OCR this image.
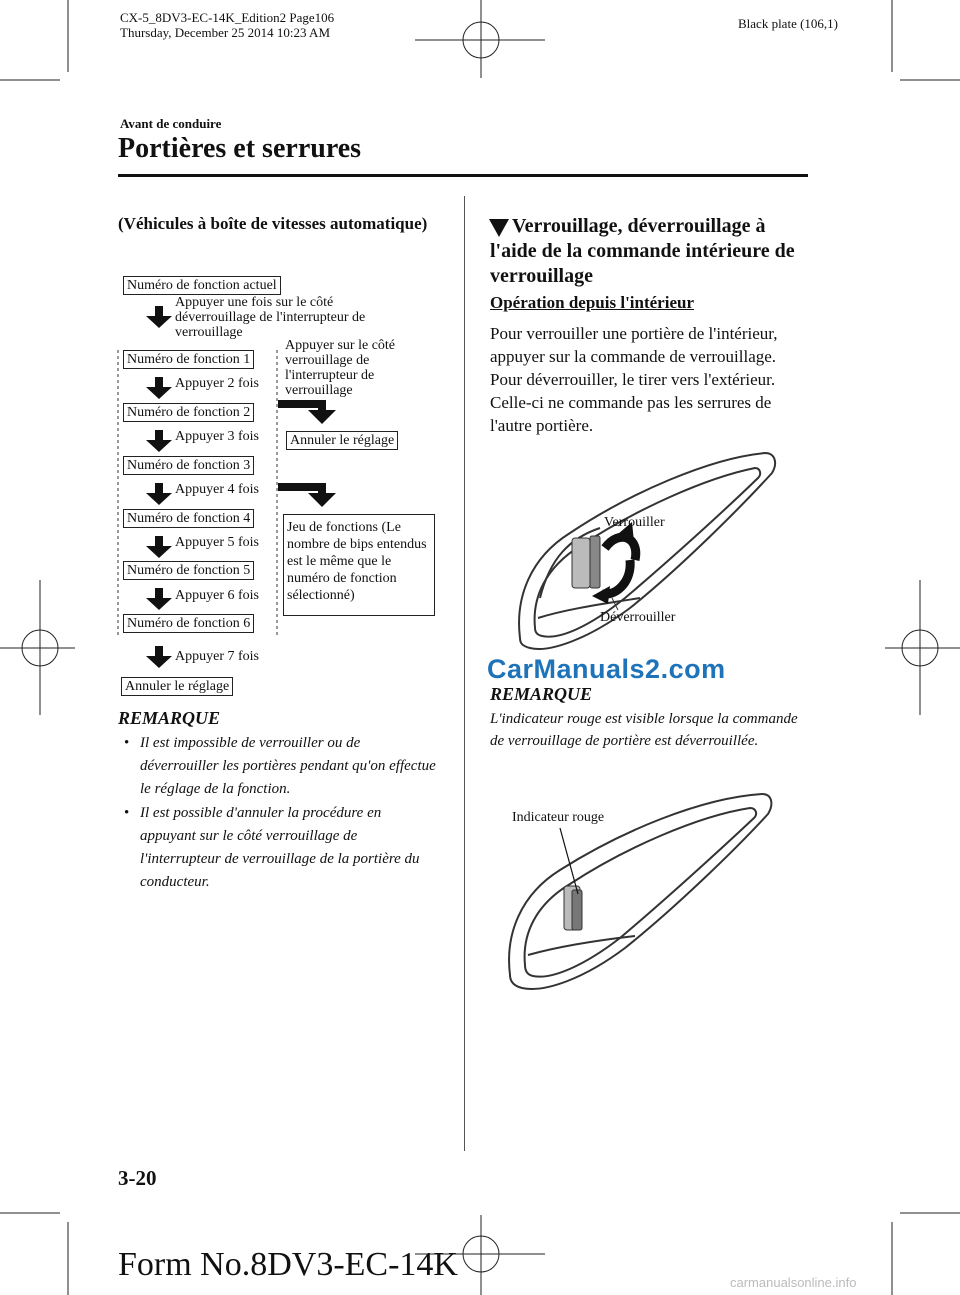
CX-5_8DV3-EC-14K_Edition2 Page106
Thursday, December 25 2014 10:23 AM
Black plate (106,1)
Avant de conduire
Portières et serrures
(Véhicules à boîte de vitesses automatique)
Numéro de fonction actuel
Appuyer une fois sur le côté déverrouillage de l'interrupteur de verrouillage
Numéro de fonction 1
Appuyer 2 fois
Numéro de fonction 2
Appuyer 3 fois
Numéro de fonction 3
Appuyer 4 fois
Numéro de fonction 4
Appuyer 5 fois
Numéro de fonction 5
Appuyer 6 fois
Numéro de fonction 6
Appuyer 7 fois
Annuler le réglage
Appuyer sur le côté verrouillage de l'interrupteur de verrouillage
Annuler le réglage
Jeu de fonctions (Le nombre de bips entendus est le même que le numéro de fonction sélectionné)
REMARQUE
• Il est impossible de verrouiller ou de déverrouiller les portières pendant qu'on effectue le réglage de la fonction.
• Il est possible d'annuler la procédure en appuyant sur le côté verrouillage de l'interrupteur de verrouillage de la portière du conducteur.
Verrouillage, déverrouillage à l'aide de la commande intérieure de verrouillage
Opération depuis l'intérieur
Pour verrouiller une portière de l'intérieur, appuyer sur la commande de verrouillage. Pour déverrouiller, le tirer vers l'extérieur. Celle-ci ne commande pas les serrures de l'autre portière.
Verrouiller
Déverrouiller
CarManuals2.com
REMARQUE
L'indicateur rouge est visible lorsque la commande de verrouillage de portière est déverrouillée.
Indicateur rouge
3-20
Form No.8DV3-EC-14K	carmanualsonline.info
